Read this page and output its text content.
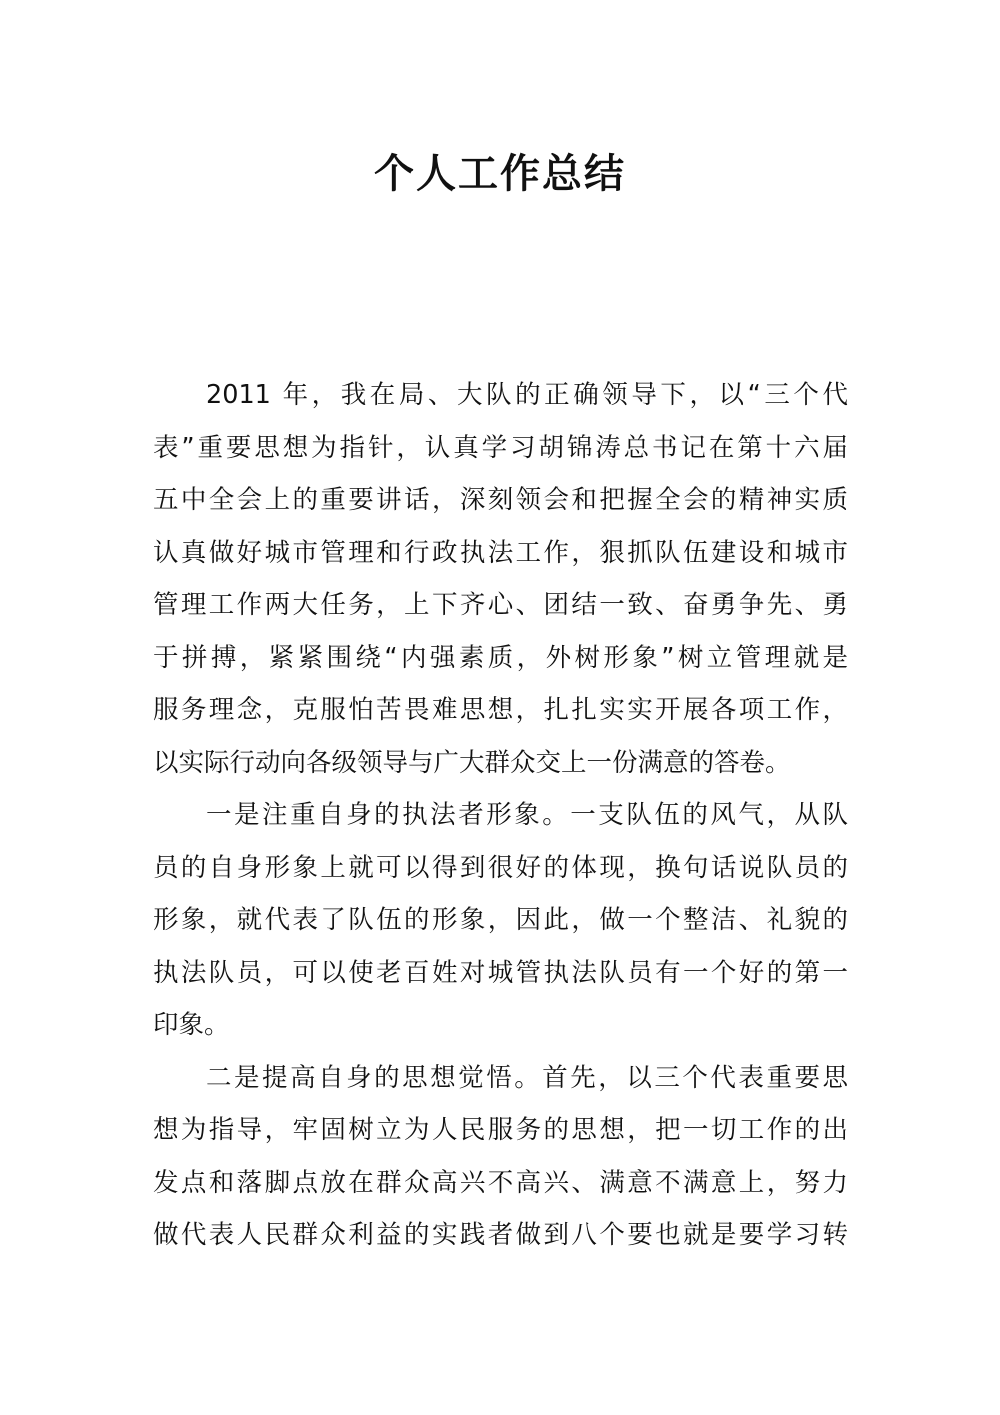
个人工作总结
2011 年，我在局、大队的正确领导下，以“三个代
表”重要思想为指针，认真学习胡锦涛总书记在第十六届
五中全会上的重要讲话，深刻领会和把握全会的精神实质
认真做好城市管理和行政执法工作，狠抓队伍建设和城市
管理工作两大任务，上下齐心、团结一致、奋勇争先、勇
于拼搏，紧紧围绕“内强素质，外树形象”树立管理就是
服务理念，克服怕苦畏难思想，扎扎实实开展各项工作，
以实际行动向各级领导与广大群众交上一份满意的答卷。
一是注重自身的执法者形象。一支队伍的风气，从队
员的自身形象上就可以得到很好的体现，换句话说队员的
形象，就代表了队伍的形象，因此，做一个整洁、礼貌的
执法队员，可以使老百姓对城管执法队员有一个好的第一
印象。
二是提高自身的思想觉悟。首先，以三个代表重要思
想为指导，牢固树立为人民服务的思想，把一切工作的出
发点和落脚点放在群众高兴不高兴、满意不满意上，努力
做代表人民群众利益的实践者做到八个要也就是要学习转
